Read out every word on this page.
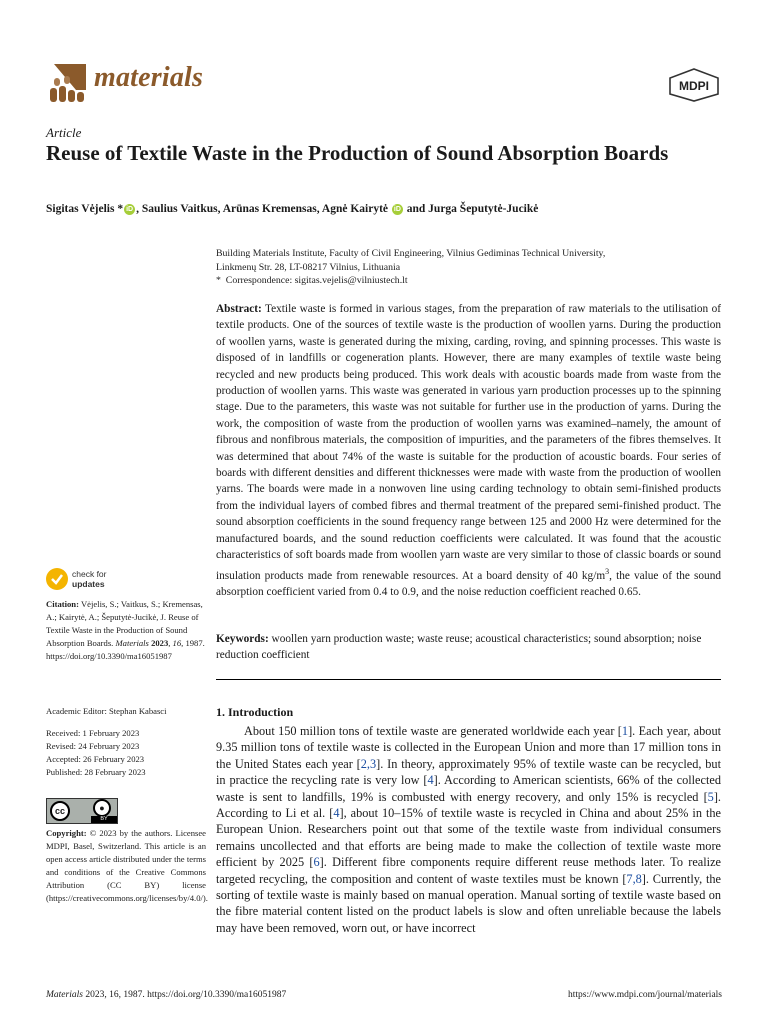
materials	MDPI
Article
Reuse of Textile Waste in the Production of Sound Absorption Boards
Sigitas Vėjelis * iD , Saulius Vaitkus, Arūnas Kremensas, Agnė Kairytė iD and Jurga Šeputytė-Jucikė
Building Materials Institute, Faculty of Civil Engineering, Vilnius Gediminas Technical University,
Linkmenų Str. 28, LT-08217 Vilnius, Lithuania
*  Correspondence: sigitas.vejelis@vilniustech.lt
Abstract: Textile waste is formed in various stages, from the preparation of raw materials to the utilisation of textile products. One of the sources of textile waste is the production of woollen yarns. During the production of woollen yarns, waste is generated during the mixing, carding, roving, and spinning processes. This waste is disposed of in landfills or cogeneration plants. However, there are many examples of textile waste being recycled and new products being produced. This work deals with acoustic boards made from waste from the production of woollen yarns. This waste was generated in various yarn production processes up to the spinning stage. Due to the parameters, this waste was not suitable for further use in the production of yarns. During the work, the composition of waste from the production of woollen yarns was examined–namely, the amount of fibrous and nonfibrous materials, the composition of impurities, and the parameters of the fibres themselves. It was determined that about 74% of the waste is suitable for the production of acoustic boards. Four series of boards with different densities and different thicknesses were made with waste from the production of woollen yarns. The boards were made in a nonwoven line using carding technology to obtain semi-finished products from the individual layers of combed fibres and thermal treatment of the prepared semi-finished product. The sound absorption coefficients in the sound frequency range between 125 and 2000 Hz were determined for the manufactured boards, and the sound reduction coefficients were calculated. It was found that the acoustic characteristics of soft boards made from woollen yarn waste are very similar to those of classic boards or sound insulation products made from renewable resources. At a board density of 40 $kg/m^3$, the value of the sound absorption coefficient varied from 0.4 to 0.9, and the noise reduction coefficient reached 0.65.
Keywords: woollen yarn production waste; waste reuse; acoustical characteristics; sound absorption; noise reduction coefficient
check for
updates
Citation: Vėjelis, S.; Vaitkus, S.; Kremensas, A.; Kairytė, A.; Šeputytė-Jucikė, J. Reuse of Textile Waste in the Production of Sound Absorption Boards. Materials 2023, 16, 1987. https://doi.org/10.3390/ma16051987
Academic Editor: Stephan Kabasci
Received: 1 February 2023
Revised: 24 February 2023
Accepted: 26 February 2023
Published: 28 February 2023
cc	●
BY
Copyright: © 2023 by the authors. Licensee MDPI, Basel, Switzerland. This article is an open access article distributed under the terms and conditions of the Creative Commons Attribution (CC BY) license (https://creativecommons.org/licenses/by/4.0/).
1. Introduction

About 150 million tons of textile waste are generated worldwide each year [1]. Each year, about 9.35 million tons of textile waste is collected in the European Union and more than 17 million tons in the United States each year [2,3]. In theory, approximately 95% of textile waste can be recycled, but in practice the recycling rate is very low [4]. According to American scientists, 66% of the collected waste is sent to landfills, 19% is combusted with energy recovery, and only 15% is recycled [5]. According to Li et al. [4], about 10–15% of textile waste is recycled in China and about 25% in the European Union. Researchers point out that some of the textile waste from individual consumers remains uncollected and that efforts are being made to make the collection of textile waste more efficient by 2025 [6]. Different fibre components require different reuse methods later. To realize targeted recycling, the composition and content of waste textiles must be known [7,8]. Currently, the sorting of textile waste is mainly based on manual operation. Manual sorting of textile waste based on the fibre material content listed on the product labels is slow and often unreliable because the labels may have been removed, worn out, or have incorrect

Materials 2023, 16, 1987. https://doi.org/10.3390/ma16051987	https://www.mdpi.com/journal/materials
